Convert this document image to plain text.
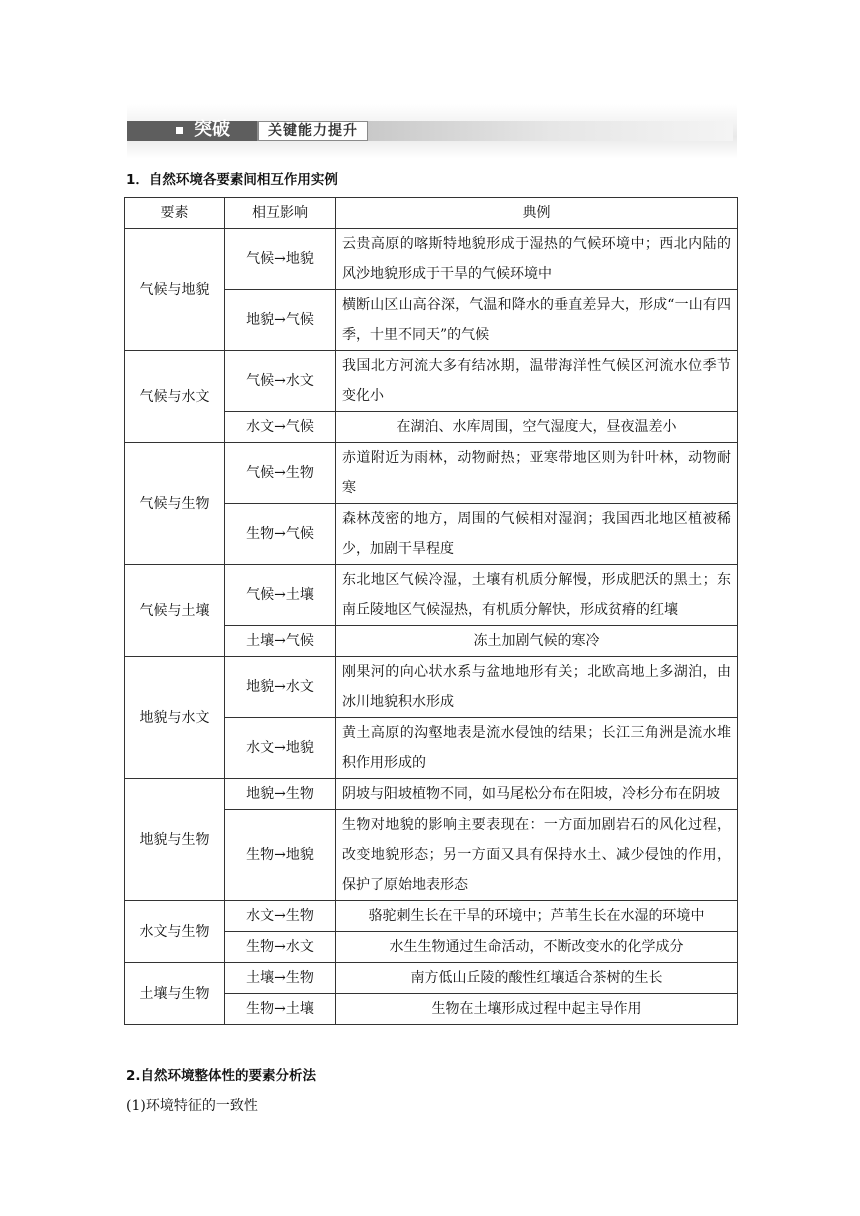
突破	关键能力提升
1．自然环境各要素间相互作用实例
要素	相互影响	典例
气候与地貌	气候→地貌	云贵高原的喀斯特地貌形成于湿热的气候环境中；西北内陆的风沙地貌形成于干旱的气候环境中
	地貌→气候	横断山区山高谷深，气温和降水的垂直差异大，形成“一山有四季，十里不同天”的气候
气候与水文	气候→水文	我国北方河流大多有结冰期，温带海洋性气候区河流水位季节变化小
	水文→气候	在湖泊、水库周围，空气湿度大，昼夜温差小
气候与生物	气候→生物	赤道附近为雨林，动物耐热；亚寒带地区则为针叶林，动物耐寒
	生物→气候	森林茂密的地方，周围的气候相对湿润；我国西北地区植被稀少，加剧干旱程度
气候与土壤	气候→土壤	东北地区气候冷湿，土壤有机质分解慢，形成肥沃的黑土；东南丘陵地区气候湿热，有机质分解快，形成贫瘠的红壤
	土壤→气候	冻土加剧气候的寒冷
地貌与水文	地貌→水文	刚果河的向心状水系与盆地地形有关；北欧高地上多湖泊，由冰川地貌积水形成
	水文→地貌	黄土高原的沟壑地表是流水侵蚀的结果；长江三角洲是流水堆积作用形成的
地貌与生物	地貌→生物	阴坡与阳坡植物不同，如马尾松分布在阳坡，冷杉分布在阴坡
	生物→地貌	生物对地貌的影响主要表现在：一方面加剧岩石的风化过程，改变地貌形态；另一方面又具有保持水土、减少侵蚀的作用，保护了原始地表形态
水文与生物	水文→生物	骆驼刺生长在干旱的环境中；芦苇生长在水湿的环境中
	生物→水文	水生生物通过生命活动，不断改变水的化学成分
土壤与生物	土壤→生物	南方低山丘陵的酸性红壤适合茶树的生长
	生物→土壤	生物在土壤形成过程中起主导作用
2.自然环境整体性的要素分析法
(1)环境特征的一致性
